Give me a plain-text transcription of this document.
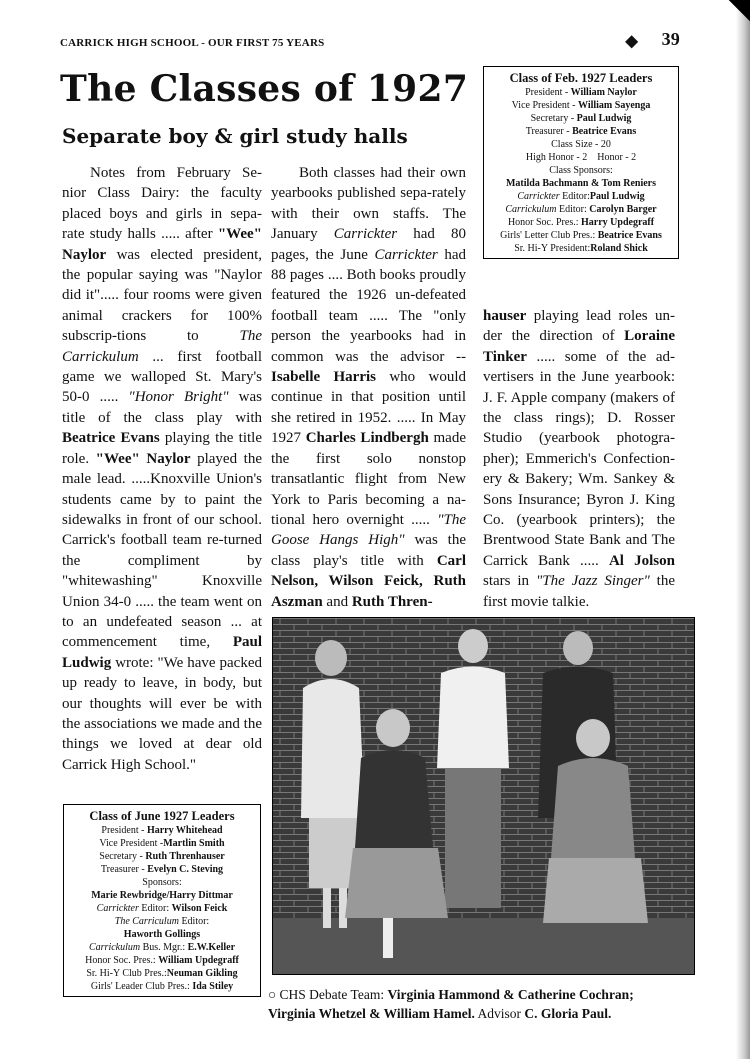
CARRICK HIGH SCHOOL - OUR FIRST 75 YEARS	◆ 39
The Classes of 1927
Separate boy & girl study halls

Notes from February Se-nior Class Dairy: the faculty placed boys and girls in sepa-rate study halls ..... after "Wee" Naylor was elected president, the popular saying was "Naylor did it"..... four rooms were given animal crackers for 100% subscrip-tions to The Carrickulum ... first football game we walloped St. Mary's 50-0 ..... "Honor Bright" was title of the class play with Beatrice Evans playing the title role. "Wee" Naylor played the male lead. .....Knoxville Union's students came by to paint the sidewalks in front of our school. Carrick's football team re-turned the compliment by "whitewashing" Knoxville Union 34-0 ..... the team went on to an undefeated season ... at commencement time, Paul Ludwig wrote: "We have packed up ready to leave, in body, but our thoughts will ever be with the associations we made and the things we loved at dear old Carrick High School."

Both classes had their own yearbooks published sepa-rately with their own staffs. The January Carrickter had 80 pages, the June Carrickter had 88 pages .... Both books proudly featured the 1926 un-defeated football team ..... The "only person the yearbooks had in common was the advisor -- Isabelle Harris who would continue in that position until she retired in 1952. ..... In May 1927 Charles Lindbergh made the first solo nonstop transatlantic flight from New York to Paris becoming a na-tional hero overnight ..... "The Goose Hangs High" was the class play's title with Carl Nelson, Wilson Feick, Ruth Aszman and Ruth Thren-

hauser playing lead roles un-der the direction of Loraine Tinker ..... some of the ad-vertisers in the June yearbook: J. F. Apple company (makers of the class rings); D. Rosser Studio (yearbook photogra-pher); Emmerich's Confection-ery & Bakery; Wm. Sankey & Sons Insurance; Byron J. King Co. (yearbook printers); the Brentwood State Bank and The Carrick Bank ..... Al Jolson stars in "The Jazz Singer" the first movie talkie.

Class of Feb. 1927 Leaders
President - William Naylor
Vice President - William Sayenga
Secretary - Paul Ludwig
Treasurer - Beatrice Evans
Class Size - 20
High Honor - 2    Honor - 2
Class Sponsors:
Matilda Bachmann & Tom Reniers
Carrickter Editor:Paul Ludwig
Carrickulum Editor: Carolyn Barger
Honor Soc. Pres.: Harry Updegraff
Girls' Letter Club Pres.: Beatrice Evans
Sr. Hi-Y President:Roland Shick
Class of June 1927 Leaders
President - Harry Whitehead
Vice President -Martlin Smith
Secretary - Ruth Threnhauser
Treasurer - Evelyn C. Steving
Sponsors:
Marie Rewbridge/Harry Dittmar
Carrickter Editor: Wilson Feick
The Carriculum Editor:
Haworth Gollings
Carrickulum Bus. Mgr.: E.W.Keller
Honor Soc. Pres.: William Updegraff
Sr. Hi-Y Club Pres.:Neuman Gikling
Girls' Leader Club Pres.: Ida Stiley
○ CHS Debate Team: Virginia Hammond & Catherine Cochran;
Virginia Whetzel & William Hamel. Advisor C. Gloria Paul.
